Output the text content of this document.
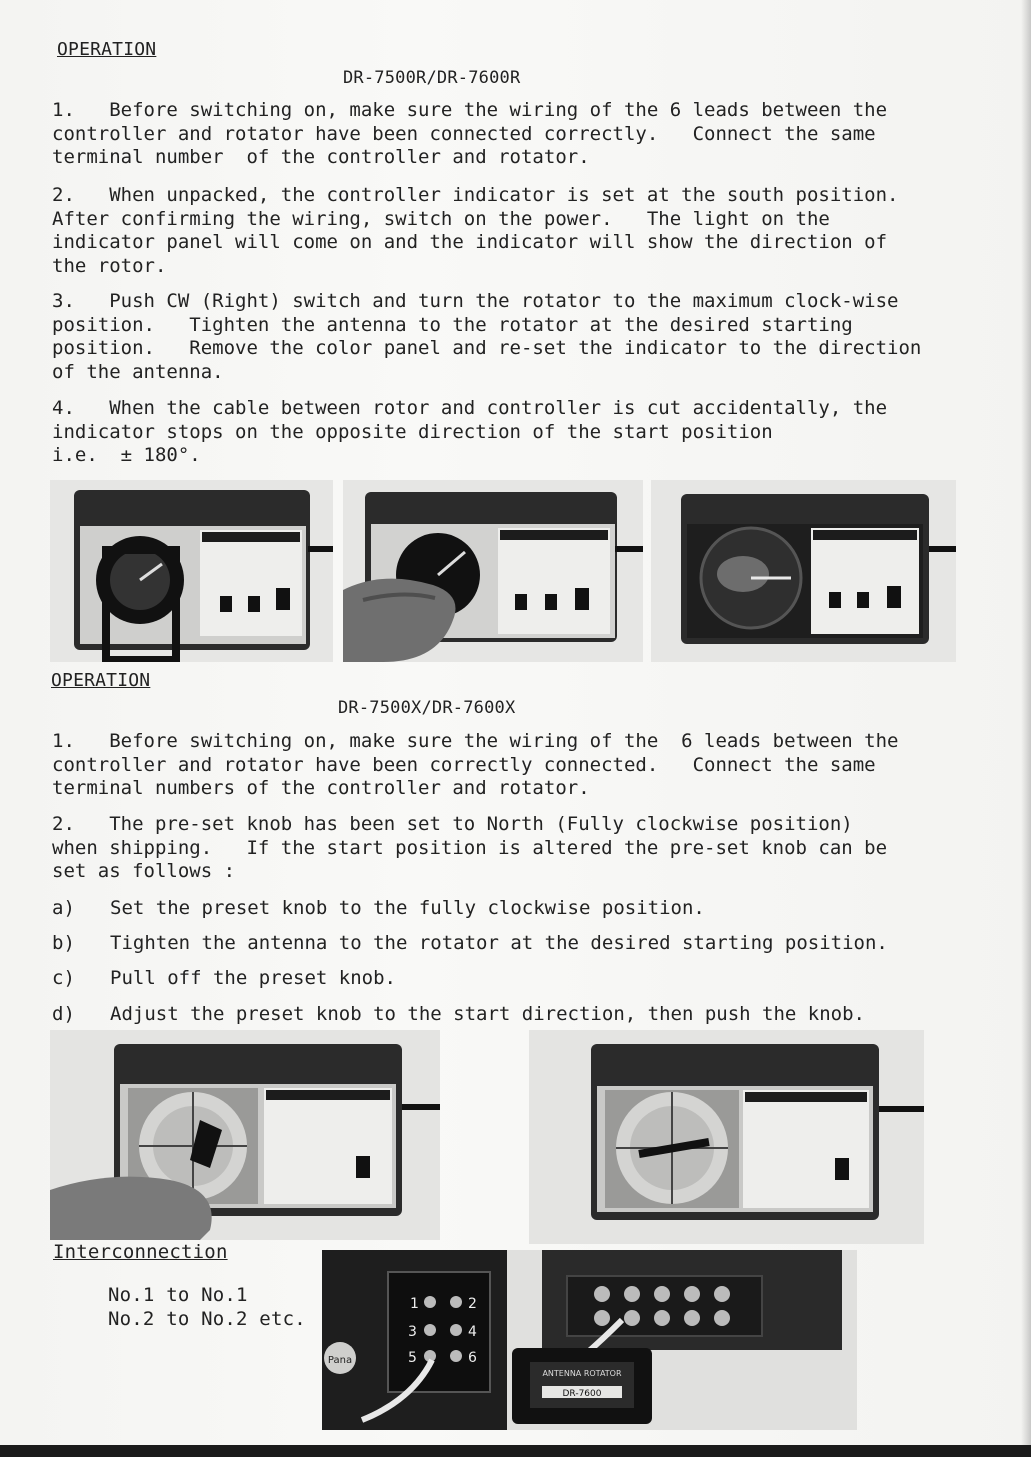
OPERATION
DR-7500R/DR-7600R
1.   Before switching on, make sure the wiring of the 6 leads between the
controller and rotator have been connected correctly.   Connect the same
terminal number  of the controller and rotator.
2.   When unpacked, the controller indicator is set at the south position.
After confirming the wiring, switch on the power.   The light on the
indicator panel will come on and the indicator will show the direction of
the rotor.
3.   Push CW (Right) switch and turn the rotator to the maximum clock-wise
position.   Tighten the antenna to the rotator at the desired starting
position.   Remove the color panel and re-set the indicator to the direction
of the antenna.
4.   When the cable between rotor and controller is cut accidentally, the
indicator stops on the opposite direction of the start position
i.e.  ± 180°.
OPERATION
DR-7500X/DR-7600X
1.   Before switching on, make sure the wiring of the  6 leads between the
controller and rotator have been correctly connected.   Connect the same
terminal numbers of the controller and rotator.
2.   The pre-set knob has been set to North (Fully clockwise position)
when shipping.   If the start position is altered the pre-set knob can be
set as follows :
a) Set the preset knob to the fully clockwise position.
b) Tighten the antenna to the rotator at the desired starting position.
c) Pull off the preset knob.
d) Adjust the preset knob to the start direction, then push the knob.
Interconnection
No.1 to No.1
No.2 to No.2 etc.
Pana
1	2
3	4
5	6
ANTENNA ROTATOR
DR-7600
